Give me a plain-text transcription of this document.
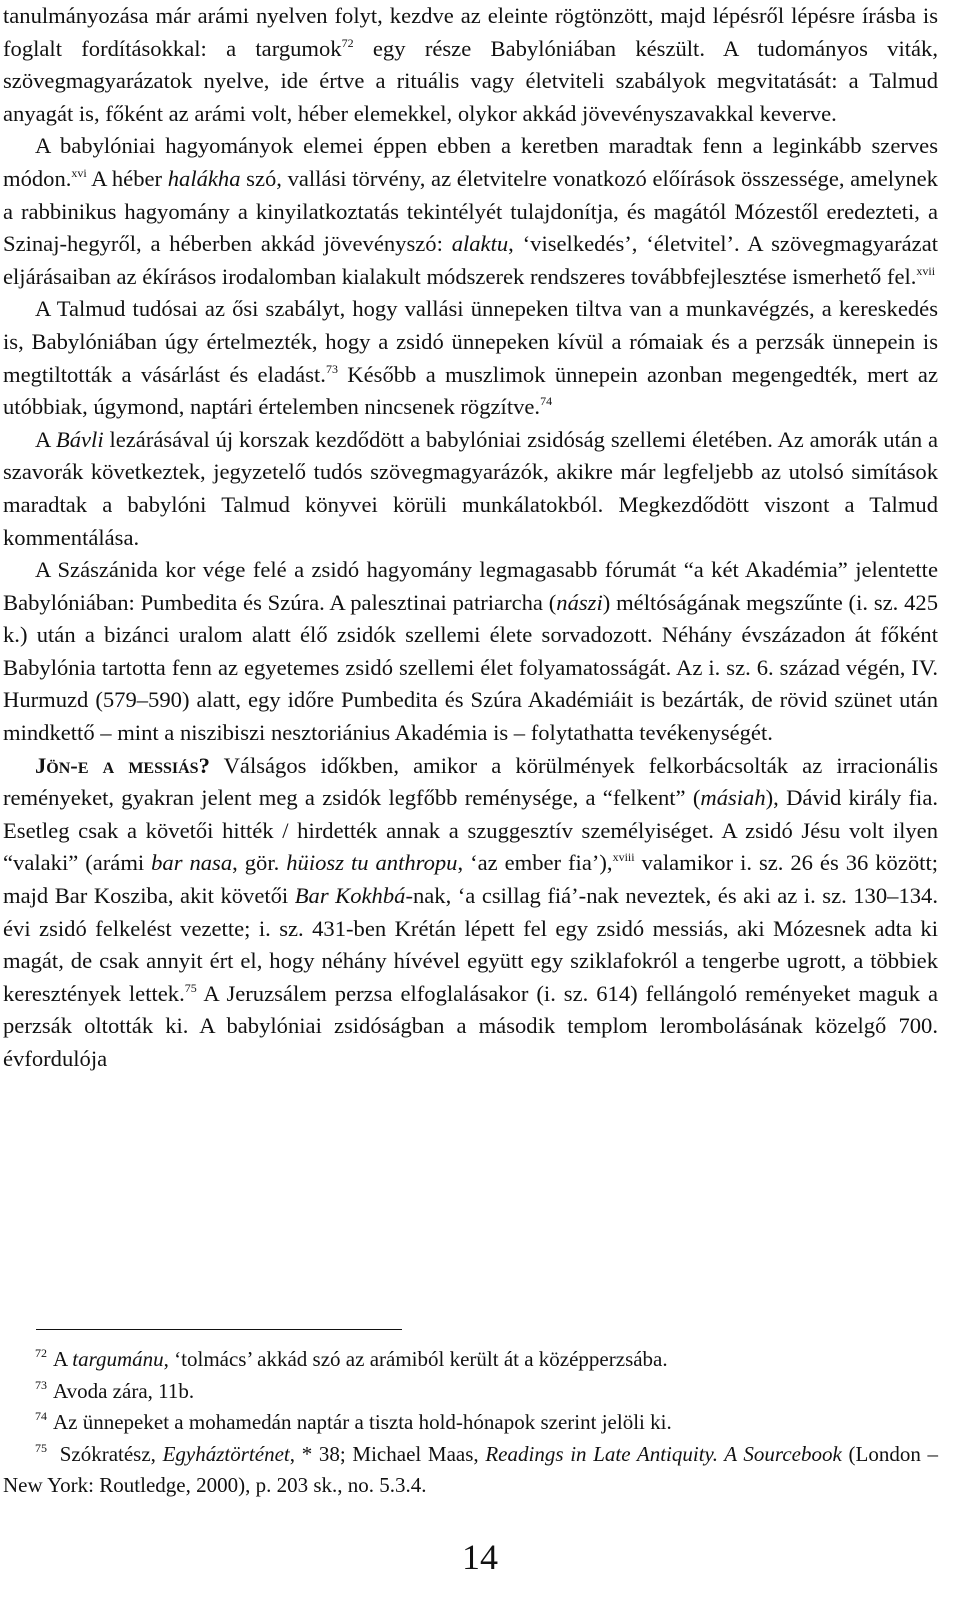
tanulmányozása már arámi nyelven folyt, kezdve az eleinte rögtönzött, majd lépésről lépésre írásba is foglalt fordításokkal: a targumok$^{72}$ egy része Babylóniában készült. A tudományos viták, szövegmagyarázatok nyelve, ide értve a rituális vagy életviteli szabályok megvitatását: a Talmud anyagát is, főként az arámi volt, héber elemekkel, olykor akkád jövevényszavakkal keverve.

A babylóniai hagyományok elemei éppen ebben a keretben maradtak fenn a leginkább szerves módon.$^{xvi}$ A héber halákha szó, vallási törvény, az életvitelre vonatkozó előírások összessége, amelynek a rabbinikus hagyomány a kinyilatkoztatás tekintélyét tulajdonítja, és magától Mózestől eredezteti, a Szinaj-hegyről, a héberben akkád jövevényszó: alaktu, ‘viselkedés’, ‘életvitel’. A szövegmagyarázat eljárásaiban az ékírásos irodalomban kialakult módszerek rendszeres továbbfejlesztése ismerhető fel.$^{xvii}$

A Talmud tudósai az ősi szabályt, hogy vallási ünnepeken tiltva van a munkavégzés, a kereskedés is, Babylóniában úgy értelmezték, hogy a zsidó ünnepeken kívül a rómaiak és a perzsák ünnepein is megtiltották a vásárlást és eladást.$^{73}$ Később a muszlimok ünnepein azonban megengedték, mert az utóbbiak, úgymond, naptári értelemben nincsenek rögzítve.$^{74}$

A Bávli lezárásával új korszak kezdődött a babylóniai zsidóság szellemi életében. Az amorák után a szavorák következtek, jegyzetelő tudós szövegmagyarázók, akikre már legfeljebb az utolsó simítások maradtak a babylóni Talmud könyvei körüli munkálatokból. Megkezdődött viszont a Talmud kommentálása.

A Szászánida kor vége felé a zsidó hagyomány legmagasabb fórumát “a két Akadémia” jelentette Babylóniában: Pumbedita és Szúra. A palesztinai patriarcha (nászi) méltóságának megszűnte (i. sz. 425 k.) után a bizánci uralom alatt élő zsidók szellemi élete sorvadozott. Néhány évszázadon át főként Babylónia tartotta fenn az egyetemes zsidó szellemi élet folyamatosságát. Az i. sz. 6. század végén, IV. Hurmuzd (579–590) alatt, egy időre Pumbedita és Szúra Akadémiáit is bezárták, de rövid szünet után mindkettő – mint a niszibiszi nesztoriánius Akadémia is – folytathatta tevékenységét.

Jön-e a messiás? Válságos időkben, amikor a körülmények felkorbácsolták az irracionális reményeket, gyakran jelent meg a zsidók legfőbb reménysége, a “felkent” (másiah), Dávid király fia. Esetleg csak a követői hitték / hirdették annak a szuggesztív személyiséget. A zsidó Jésu volt ilyen “valaki” (arámi bar nasa, gör. hüiosz tu anthropu, ‘az ember fia’),$^{xviii}$ valamikor i. sz. 26 és 36 között; majd Bar Kosziba, akit követői Bar Kokhbá-nak, ‘a csillag fiá’-nak neveztek, és aki az i. sz. 130–134. évi zsidó felkelést vezette; i. sz. 431-ben Krétán lépett fel egy zsidó messiás, aki Mózesnek adta ki magát, de csak annyit ért el, hogy néhány hívével együtt egy sziklafokról a tengerbe ugrott, a többiek keresztények lettek.$^{75}$ A Jeruzsálem perzsa elfoglalásakor (i. sz. 614) fellángoló reményeket maguk a perzsák oltották ki. A babylóniai zsidóságban a második templom lerombolásának közelgő 700. évfordulója

$^{72}$ A targumánu, ‘tolmács’ akkád szó az arámiból került át a középperzsába.

$^{73}$ Avoda zára, 11b.

$^{74}$ Az ünnepeket a mohamedán naptár a tiszta hold-hónapok szerint jelöli ki.

$^{75}$ Szókratész, Egyháztörténet, * 38; Michael Maas, Readings in Late Antiquity. A Sourcebook (London – New York: Routledge, 2000), p. 203 sk., no. 5.3.4.

14
